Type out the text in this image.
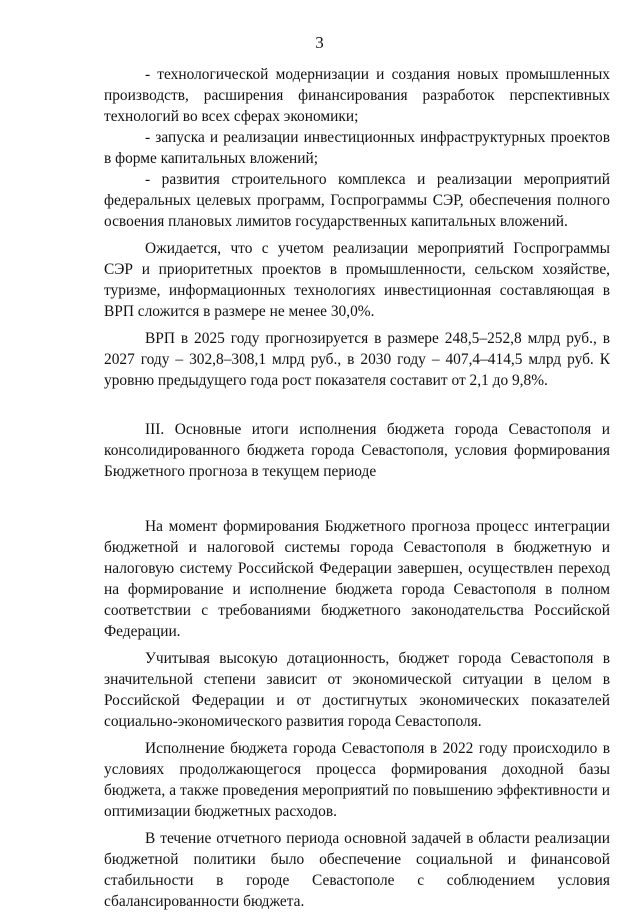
3

- технологической модернизации и создания новых промышленных производств, расширения финансирования разработок перспективных технологий во всех сферах экономики;

- запуска и реализации инвестиционных инфраструктурных проектов в форме капитальных вложений;

- развития строительного комплекса и реализации мероприятий федеральных целевых программ, Госпрограммы СЭР, обеспечения полного освоения плановых лимитов государственных капитальных вложений.

Ожидается, что с учетом реализации мероприятий Госпрограммы СЭР и приоритетных проектов в промышленности, сельском хозяйстве, туризме, информационных технологиях инвестиционная составляющая в ВРП сложится в размере не менее 30,0%.

ВРП в 2025 году прогнозируется в размере 248,5–252,8 млрд руб., в 2027 году – 302,8–308,1 млрд руб., в 2030 году – 407,4–414,5 млрд руб. К уровню предыдущего года рост показателя составит от 2,1 до 9,8%.

III. Основные итоги исполнения бюджета города Севастополя и консолидированного бюджета города Севастополя, условия формирования Бюджетного прогноза в текущем периоде

На момент формирования Бюджетного прогноза процесс интеграции бюджетной и налоговой системы города Севастополя в бюджетную и налоговую систему Российской Федерации завершен, осуществлен переход на формирование и исполнение бюджета города Севастополя в полном соответствии с требованиями бюджетного законодательства Российской Федерации.

Учитывая высокую дотационность, бюджет города Севастополя в значительной степени зависит от экономической ситуации в целом в Российской Федерации и от достигнутых экономических показателей социально-экономического развития города Севастополя.

Исполнение бюджета города Севастополя в 2022 году происходило в условиях продолжающегося процесса формирования доходной базы бюджета, а также проведения мероприятий по повышению эффективности и оптимизации бюджетных расходов.

В течение отчетного периода основной задачей в области реализации бюджетной политики было обеспечение социальной и финансовой стабильности в городе Севастополе с соблюдением условия сбалансированности бюджета.
